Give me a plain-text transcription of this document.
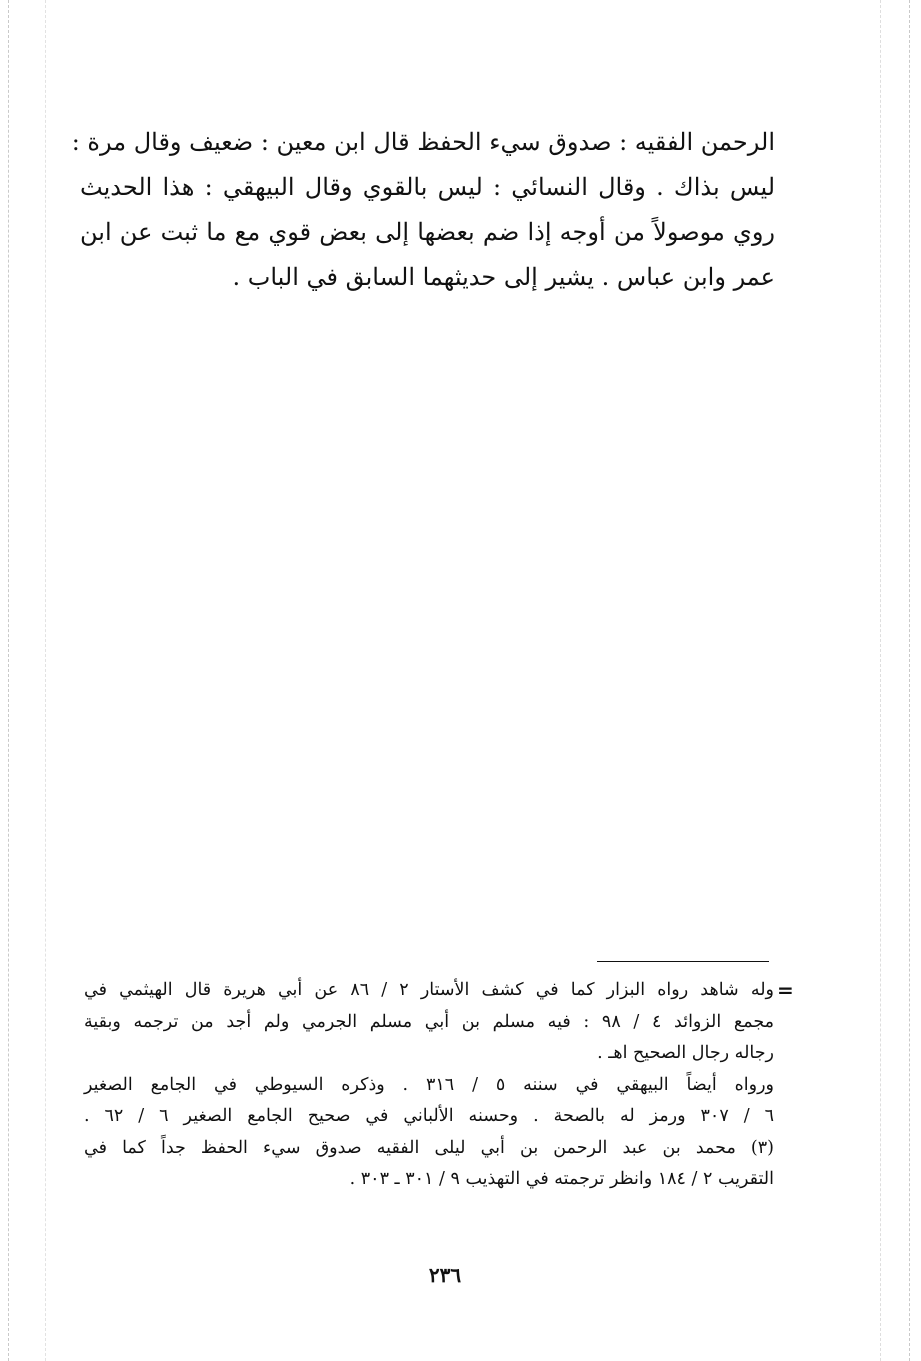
الرحمن الفقيه : صدوق سيء الحفظ قال ابن معين : ضعيف وقال مرة :
ليس بذاك . وقال النسائي : ليس بالقوي وقال البيهقي : هذا الحديث
روي موصولاً من أوجه إذا ضم بعضها إلى بعض قوي مع ما ثبت عن ابن
عمر وابن عباس . يشير إلى حديثهما السابق في الباب .
=
وله شاهد رواه البزار كما في كشف الأستار ٢ / ٨٦ عن أبي هريرة قال الهيثمي في
مجمع الزوائد ٤ / ٩٨ : فيه مسلم بن أبي مسلم الجرمي ولم أجد من ترجمه وبقية
رجاله رجال الصحيح اهـ .
ورواه أيضاً البيهقي في سننه ٥ / ٣١٦ . وذكره السيوطي في الجامع الصغير
٦ / ٣٠٧ ورمز له بالصحة . وحسنه الألباني في صحيح الجامع الصغير ٦ / ٦٢ .
(٣) محمد بن عبد الرحمن بن أبي ليلى الفقيه صدوق سيء الحفظ جداً كما في
التقريب ٢ / ١٨٤ وانظر ترجمته في التهذيب ٩ / ٣٠١ ـ ٣٠٣ .
٢٣٦
